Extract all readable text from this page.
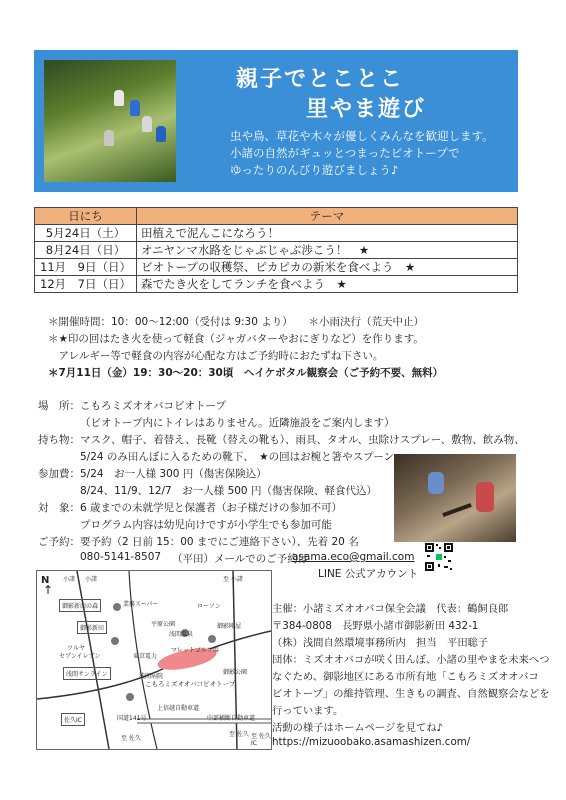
親子でとことこ
里やま遊び
虫や鳥、草花や木々が優しくみんなを歓迎します。
小諸の自然がギュッとつまったビオトープで
ゆったりのんびり遊びましょう♪
日にち	テーマ
5月24日（土）	田植えで泥んこになろう！
8月24日（日）	オニヤンマ水路をじゃぶじゃぶ渉こう！　★
11月　9日（日）	ビオトープの収穫祭、ピカピカの新米を食べよう　★
12月　7日（日）	森でたき火をしてランチを食べよう　★
＊開催時間：10：00〜12:00（受付は 9:30 より）　　＊小雨決行（荒天中止）
＊★印の回はたき火を使って軽食（ジャガバターやおにぎりなど）を作ります。
　アレルギー等で軽食の内容が心配な方はご予約時におたずね下さい。
＊7月11日（金）19：30〜20：30頃　ヘイケボタル観察会（ご予約不要、無料）
場　所： こもろミズオオバコビオトープ
（ビオトープ内にトイレはありません。近隣施設をご案内します）
持ち物： マスク、帽子、着替え、長靴（替えの靴も）、雨具、タオル、虫除けスプレー、敷物、飲み物、
5/24 のみ田んぼに入るための靴下、　★の回はお椀と箸やスプーン
参加費： 5/24　お一人様 300 円（傷害保険込）
8/24、11/9、12/7　お一人様 500 円（傷害保険、軽食代込）
対　象： 6 歳までの未就学児と保護者（お子様だけの参加不可）
プログラム内容は幼児向けですが小学生でも参加可能
ご予約： 要予約（2 日前 15：00 までにご連絡下さい）、先着 20 名
080-5141-8507 （平田）メールでのご予約は
asama.eco@gmail.com
LINE 公式アカウント
N
↑
小諸 小諸
御影新田の森
御影新田
ツルヤ
セブンイレブン
浅間サンライン
佐久IC	国道141号
至 佐久
上信越自動車道
至 佐久
中部横断自動車道
ローソン
業務スーパー
平原公園	御影陣屋
至 小諸
御影公園
至 佐久IC
東京電力
浅間病院
浅間温泉
マレットゴルフ場
こもろミズオオバコビオトープ
主催：小諸ミズオオバコ保全会議　代表：鶴飼良郎
〒384-0808　長野県小諸市御影新田 432-1
（株）浅間自然環境事務所内　担当　平田聡子
団体：ミズオオバコが咲く田んぼ、小諸の里やまを未来へつ
なぐため、御影地区にある市所有地「こもろミズオオバコ
ビオトープ」の維持管理、生きもの調査、自然観察会などを
行っています。
活動の様子はホームページを見てね♪
https://mizuoobako.asamashizen.com/
